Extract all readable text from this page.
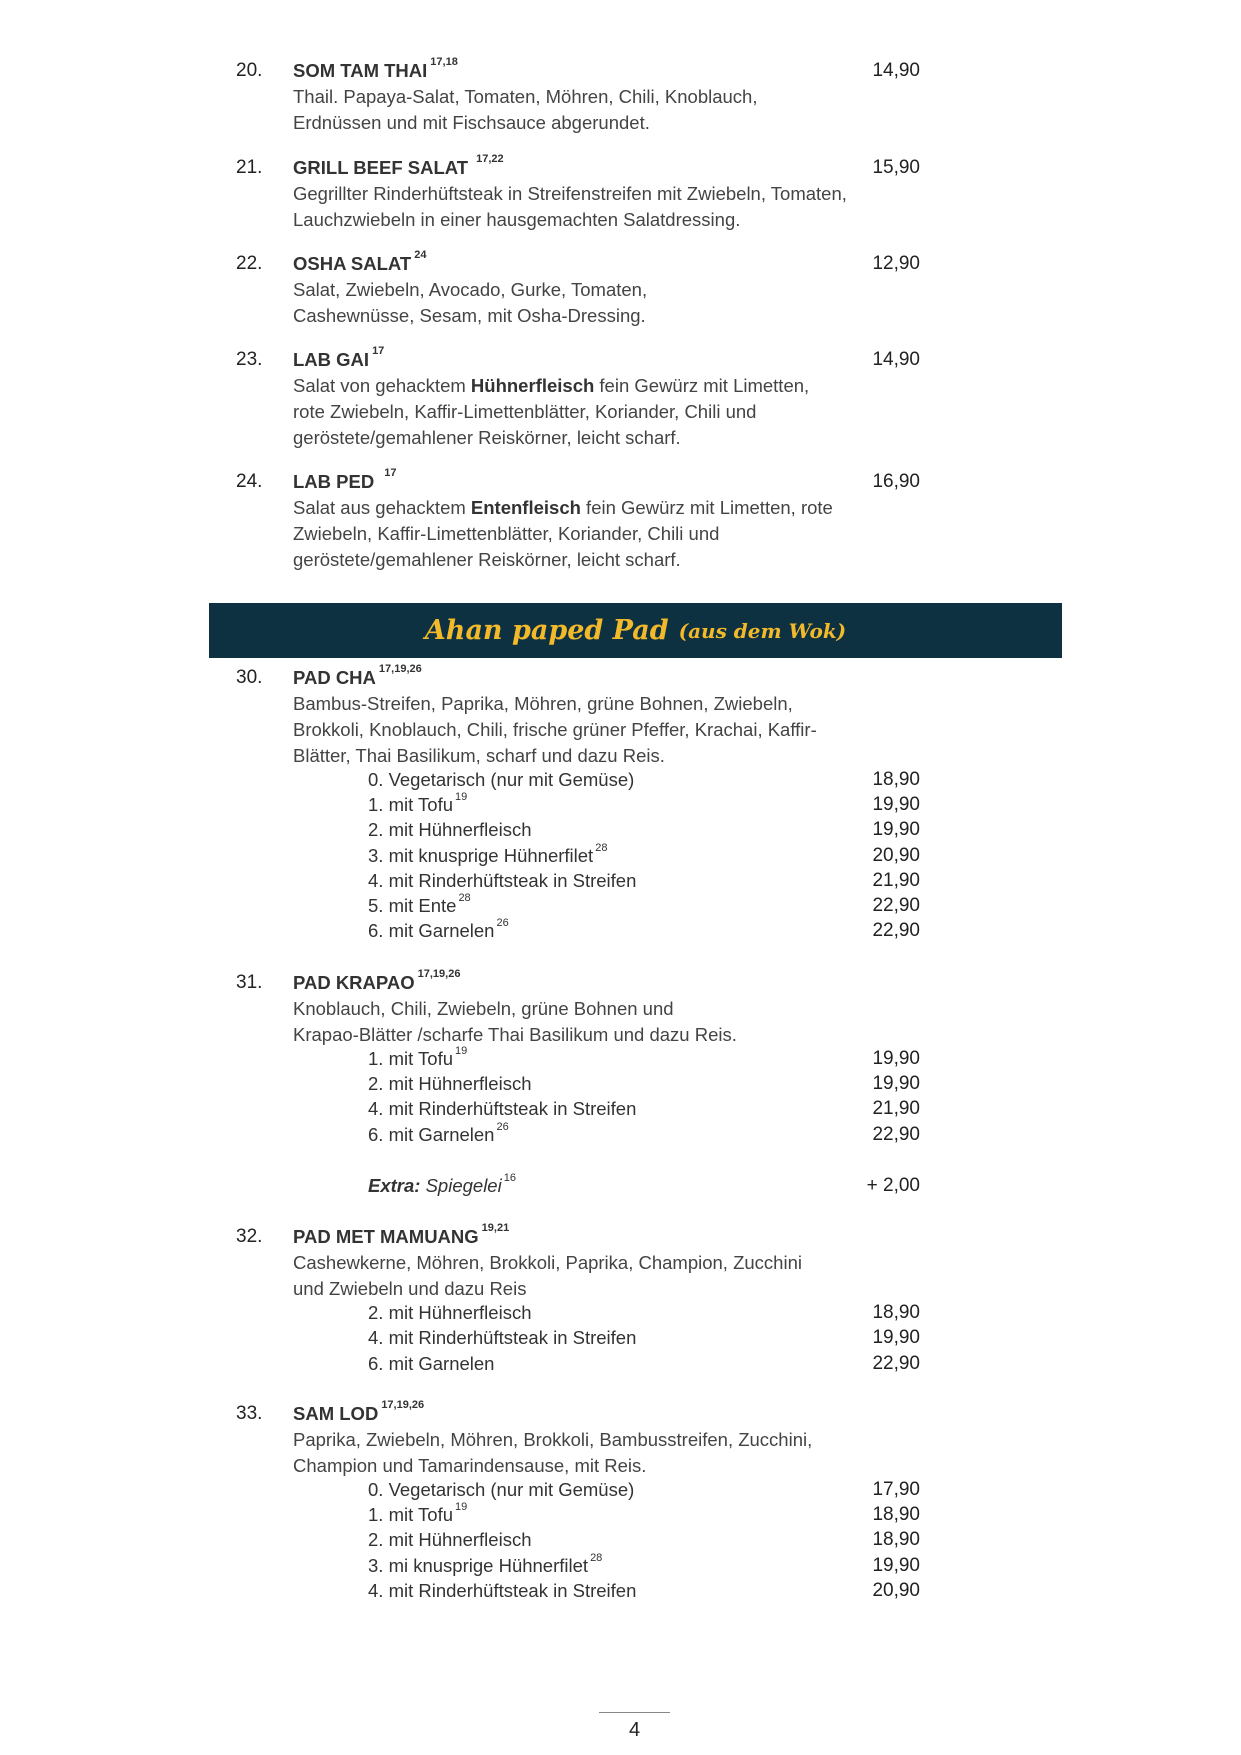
20. SOM TAM THAI $^{17,18}$	14,90
Thail. Papaya-Salat, Tomaten, Möhren, Chili, Knoblauch, Erdnüssen und mit Fischsauce abgerundet.
21. GRILL BEEF SALAT $^{17,22}$	15,90
Gegrillter Rinderhüftsteak in Streifenstreifen mit Zwiebeln, Tomaten, Lauchzwiebeln in einer hausgemachten Salatdressing.
22. OSHA SALAT $^{24}$	12,90
Salat, Zwiebeln, Avocado, Gurke, Tomaten,
Cashewnüsse, Sesam, mit Osha-Dressing.
23. LAB GAI $^{17}$	14,90
Salat von gehacktem Hühnerfleisch fein Gewürz mit Limetten, rote Zwiebeln, Kaffir-Limettenblätter, Koriander, Chili und geröstete/gemahlener Reiskörner, leicht scharf.
24. LAB PED $^{17}$	16,90
Salat aus gehacktem Entenfleisch fein Gewürz mit Limetten, rote Zwiebeln, Kaffir-Limettenblätter, Koriander, Chili und geröstete/gemahlener Reiskörner, leicht scharf.
Ahan paped Pad (aus dem Wok)
30. PAD CHA $^{17,19,26}$
Bambus-Streifen, Paprika, Möhren, grüne Bohnen, Zwiebeln, Brokkoli, Knoblauch, Chili, frische grüner Pfeffer, Krachai, Kaffir-Blätter, Thai Basilikum, scharf und dazu Reis.
0. Vegetarisch (nur mit Gemüse)	18,90
1. mit Tofu $^{19}$	19,90
2. mit Hühnerfleisch	19,90
3. mit knusprige Hühnerfilet $^{28}$	20,90
4. mit Rinderhüftsteak in Streifen	21,90
5. mit Ente $^{28}$	22,90
6. mit Garnelen $^{26}$	22,90
31. PAD KRAPAO $^{17,19,26}$
Knoblauch, Chili, Zwiebeln, grüne Bohnen und
Krapao-Blätter /scharfe Thai Basilikum und dazu Reis.
1. mit Tofu $^{19}$	19,90
2. mit Hühnerfleisch	19,90
4. mit Rinderhüftsteak in Streifen	21,90
6. mit Garnelen $^{26}$	22,90
Extra: Spiegelei $^{16}$	+ 2,00
32. PAD MET MAMUANG $^{19,21}$
Cashewkerne, Möhren, Brokkoli, Paprika, Champion, Zucchini und Zwiebeln und dazu Reis
2. mit Hühnerfleisch	18,90
4. mit Rinderhüftsteak in Streifen	19,90
6. mit Garnelen	22,90
33. SAM LOD $^{17,19,26}$
Paprika, Zwiebeln, Möhren, Brokkoli, Bambusstreifen, Zucchini, Champion und Tamarindensause, mit Reis.
0. Vegetarisch (nur mit Gemüse)	17,90
1. mit Tofu $^{19}$	18,90
2. mit Hühnerfleisch	18,90
3. mi knusprige Hühnerfilet $^{28}$	19,90
4. mit Rinderhüftsteak in Streifen	20,90
4
